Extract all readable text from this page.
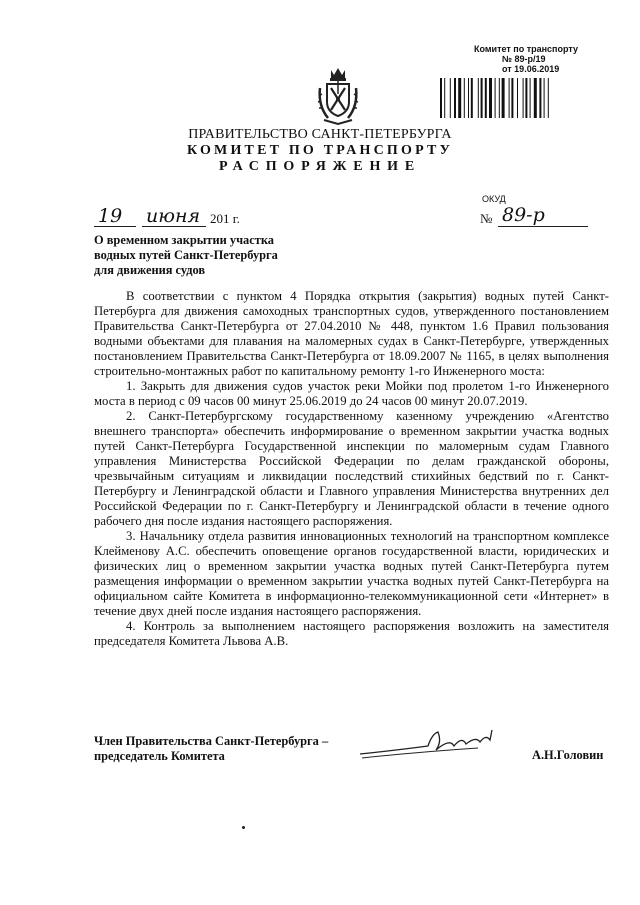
Комитет по транспорту
№ 89-р/19
от 19.06.2019
ПРАВИТЕЛЬСТВО САНКТ-ПЕТЕРБУРГА
КОМИТЕТ ПО ТРАНСПОРТУ
РАСПОРЯЖЕНИЕ
ОКУД
19 июня 201 г.	№ 89-р
О временном закрытии участка
водных путей Санкт-Петербурга
для движения судов

В соответствии с пунктом 4 Порядка открытия (закрытия) водных путей Санкт-Петербурга для движения самоходных транспортных судов, утвержденного постановлением Правительства Санкт-Петербурга от 27.04.2010 № 448, пунктом 1.6 Правил пользования водными объектами для плавания на маломерных судах в Санкт-Петербурге, утвержденных постановлением Правительства Санкт-Петербурга от 18.09.2007 № 1165, в целях выполнения строительно-монтажных работ по капитальному ремонту 1-го Инженерного моста:

1. Закрыть для движения судов участок реки Мойки под пролетом 1-го Инженерного моста в период с 09 часов 00 минут 25.06.2019 до 24 часов 00 минут 20.07.2019.

2. Санкт-Петербургскому государственному казенному учреждению «Агентство внешнего транспорта» обеспечить информирование о временном закрытии участка водных путей Санкт-Петербурга Государственной инспекции по маломерным судам Главного управления Министерства Российской Федерации по делам гражданской обороны, чрезвычайным ситуациям и ликвидации последствий стихийных бедствий по г. Санкт-Петербургу и Ленинградской области и Главного управления Министерства внутренних дел Российской Федерации по г. Санкт-Петербургу и Ленинградской области в течение одного рабочего дня после издания настоящего распоряжения.

3. Начальнику отдела развития инновационных технологий на транспортном комплексе Клейменову А.С. обеспечить оповещение органов государственной власти, юридических и физических лиц о временном закрытии участка водных путей Санкт-Петербурга путем размещения информации о временном закрытии участка водных путей Санкт-Петербурга на официальном сайте Комитета в информационно-телекоммуникационной сети «Интернет» в течение двух дней после издания настоящего распоряжения.

4. Контроль за выполнением настоящего распоряжения возложить на заместителя председателя Комитета Львова А.В.

Член Правительства Санкт-Петербурга –
председатель Комитета	А.Н.Головин
